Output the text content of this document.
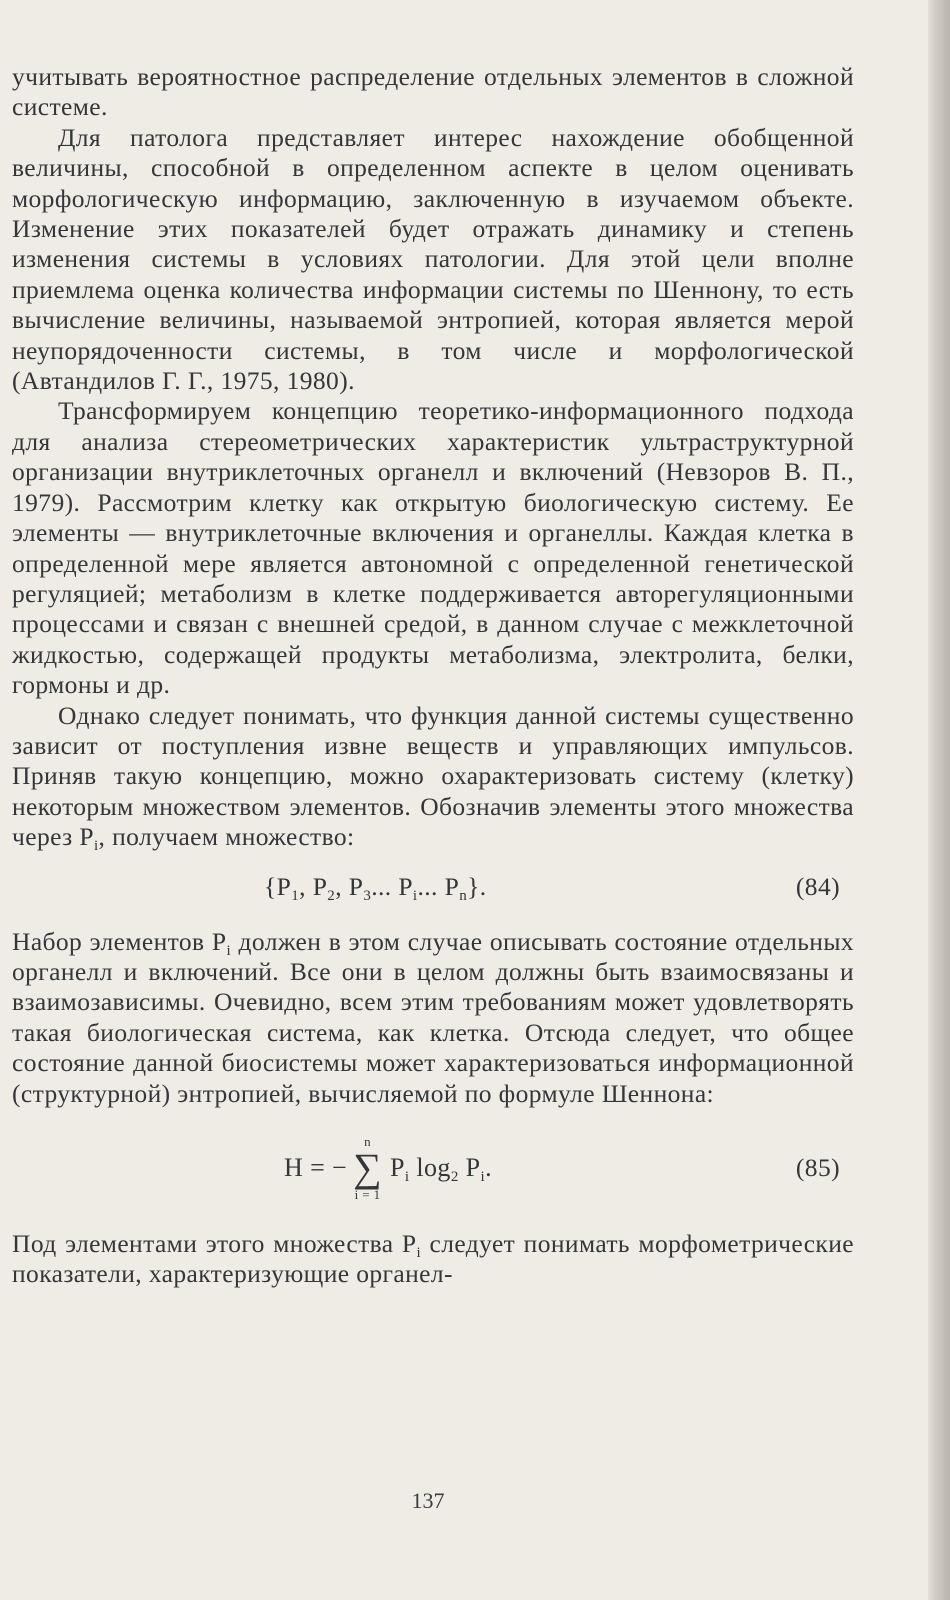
учитывать вероятностное распределение отдельных элементов в сложной системе.

Для патолога представляет интерес нахождение обобщенной величины, способной в определенном аспекте в целом оценивать морфологическую информацию, заключенную в изучаемом объекте. Изменение этих показателей будет отражать динамику и степень изменения системы в условиях патологии. Для этой цели вполне приемлема оценка количества информации системы по Шеннону, то есть вычисление величины, называемой энтропией, которая является мерой неупорядоченности системы, в том числе и морфологической (Автандилов Г. Г., 1975, 1980).

Трансформируем концепцию теоретико-информационного подхода для анализа стереометрических характеристик ультраструктурной организации внутриклеточных органелл и включений (Невзоров В. П., 1979). Рассмотрим клетку как открытую биологическую систему. Ее элементы — внутриклеточные включения и органеллы. Каждая клетка в определенной мере является автономной с определенной генетической регуляцией; метаболизм в клетке поддерживается авторегуляционными процессами и связан с внешней средой, в данном случае с межклеточной жидкостью, содержащей продукты метаболизма, электролита, белки, гормоны и др.

Однако следует понимать, что функция данной системы существенно зависит от поступления извне веществ и управляющих импульсов. Приняв такую концепцию, можно охарактеризовать систему (клетку) некоторым множеством элементов. Обозначив элементы этого множества через $P_i$, получаем множество:

{$P_1$, $P_2$, $P_3$... $P_i$... $P_n$}.	(84)

Набор элементов $P_i$ должен в этом случае описывать состояние отдельных органелл и включений. Все они в целом должны быть взаимосвязаны и взаимозависимы. Очевидно, всем этим требованиям может удовлетворять такая биологическая система, как клетка. Отсюда следует, что общее состояние данной биосистемы может характеризоваться информационной (структурной) энтропией, вычисляемой по формуле Шеннона:

H = −
n
∑
i = 1
$P_i$ $\log_2 P_i$.	(85)

Под элементами этого множества $P_i$ следует понимать морфометрические показатели, характеризующие органел-

137
